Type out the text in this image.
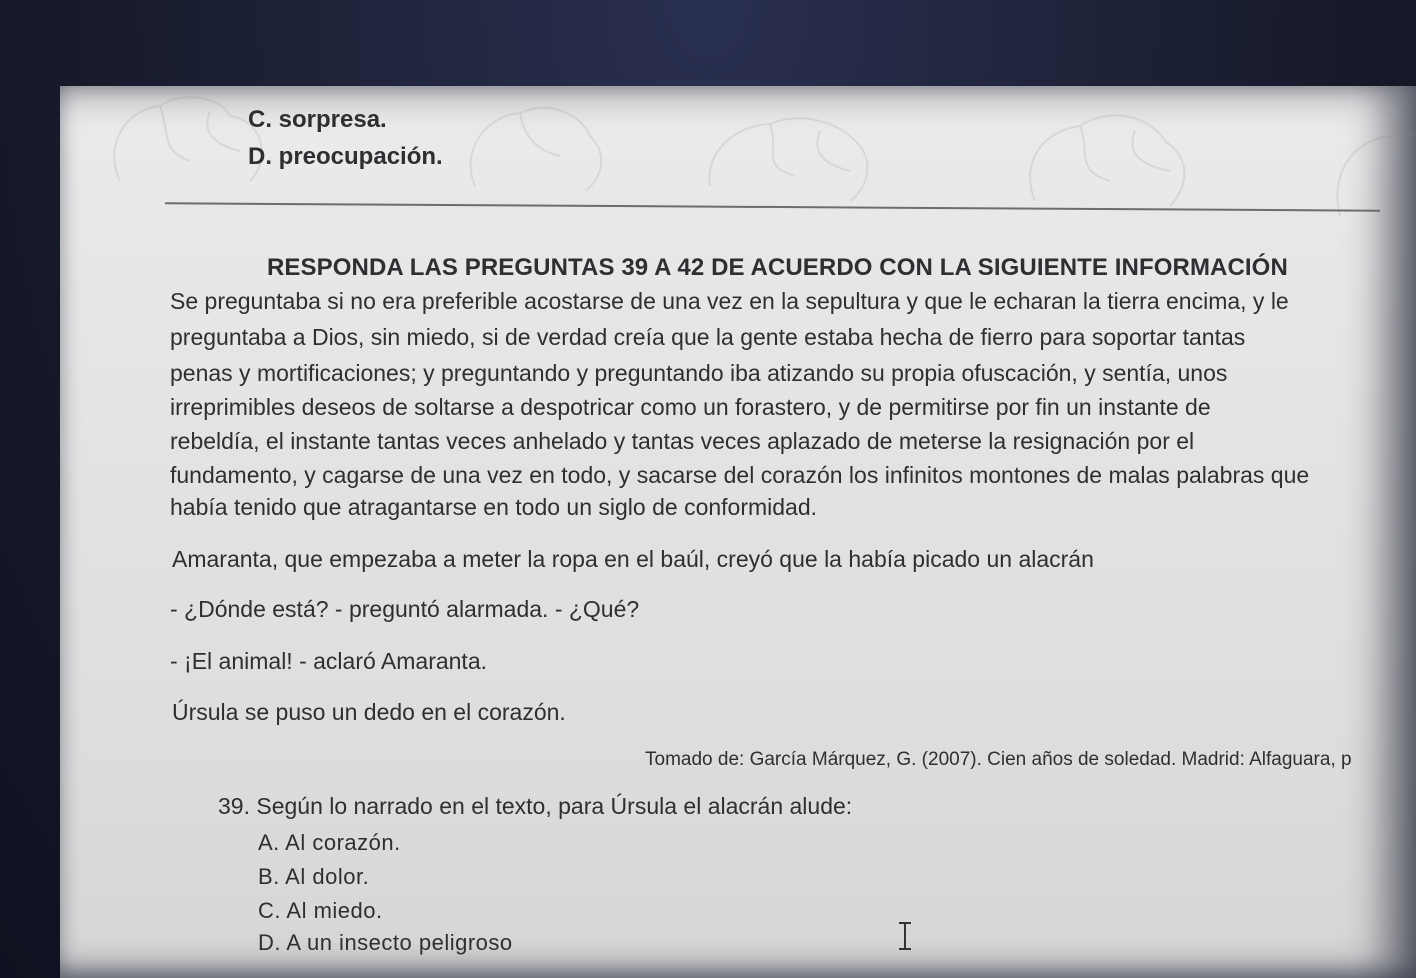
C. sorpresa.
D. preocupación.
RESPONDA LAS PREGUNTAS 39 A 42 DE ACUERDO CON LA SIGUIENTE INFORMACIÓN
Se preguntaba si no era preferible acostarse de una vez en la sepultura y que le echaran la tierra encima, y le
preguntaba a Dios, sin miedo, si de verdad creía que la gente estaba hecha de fierro para soportar tantas
penas y mortificaciones; y preguntando y preguntando iba atizando su propia ofuscación, y sentía, unos
irreprimibles deseos de soltarse a despotricar como un forastero, y de permitirse por fin un instante de
rebeldía, el instante tantas veces anhelado y tantas veces aplazado de meterse la resignación por el
fundamento, y cagarse de una vez en todo, y sacarse del corazón los infinitos montones de malas palabras que
había tenido que atragantarse en todo un siglo de conformidad.
Amaranta, que empezaba a meter la ropa en el baúl, creyó que la había picado un alacrán
- ¿Dónde está? - preguntó alarmada. - ¿Qué?
- ¡El animal! - aclaró Amaranta.
Úrsula se puso un dedo en el corazón.
Tomado de: García Márquez, G. (2007). Cien años de soledad. Madrid: Alfaguara, p
39. Según lo narrado en el texto, para Úrsula el alacrán alude:
A. Al corazón.
B. Al dolor.
C. Al miedo.
D. A un insecto peligroso
